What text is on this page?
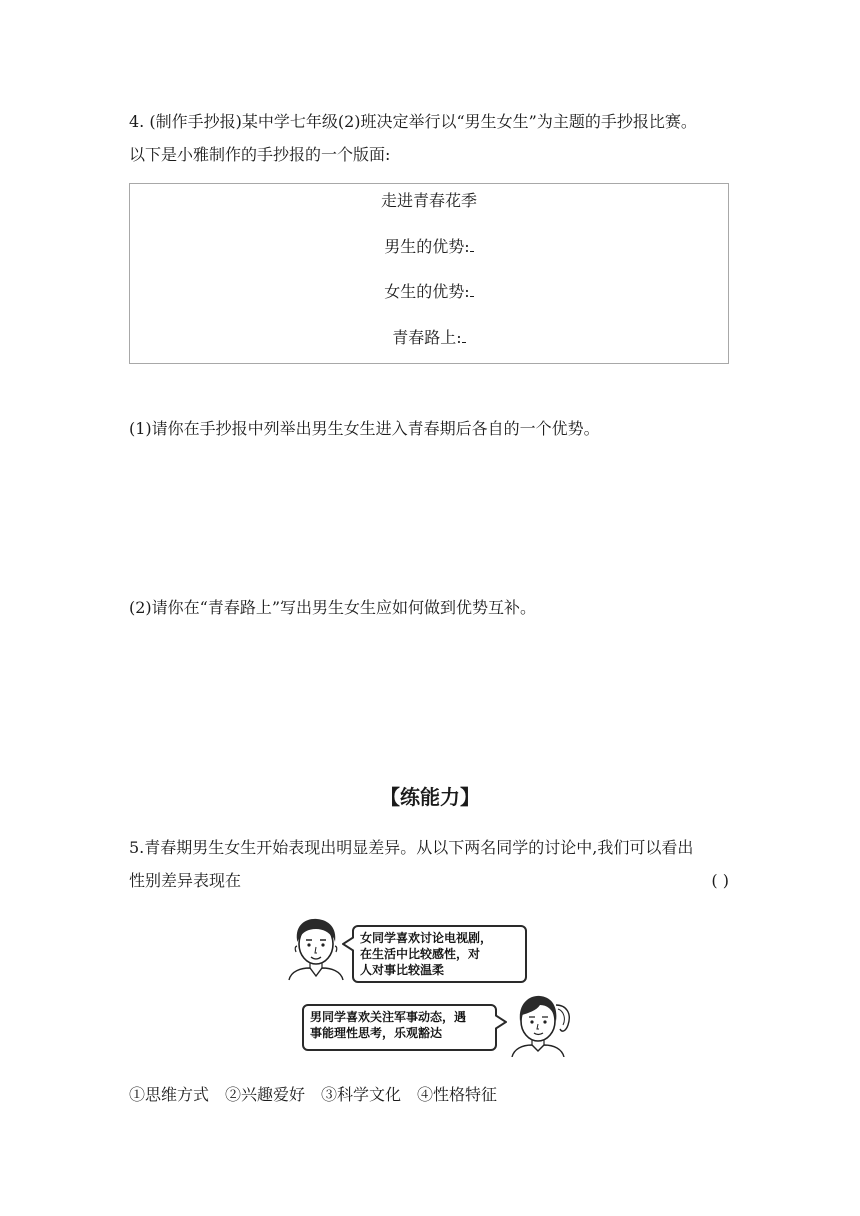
4. (制作手抄报)某中学七年级(2)班决定举行以“男生女生”为主题的手抄报比赛。
以下是小雅制作的手抄报的一个版面:
走进青春花季
男生的优势:
女生的优势:
青春路上:
(1)请你在手抄报中列举出男生女生进入青春期后各自的一个优势。
(2)请你在“青春路上”写出男生女生应如何做到优势互补。
【练能力】
5.青春期男生女生开始表现出明显差异。从以下两名同学的讨论中,我们可以看出
性别差异表现在	( )
女同学喜欢讨论电视剧，
在生活中比较感性，对
人对事比较温柔
男同学喜欢关注军事动态，遇
事能理性思考，乐观豁达
①思维方式　②兴趣爱好　③科学文化　④性格特征
